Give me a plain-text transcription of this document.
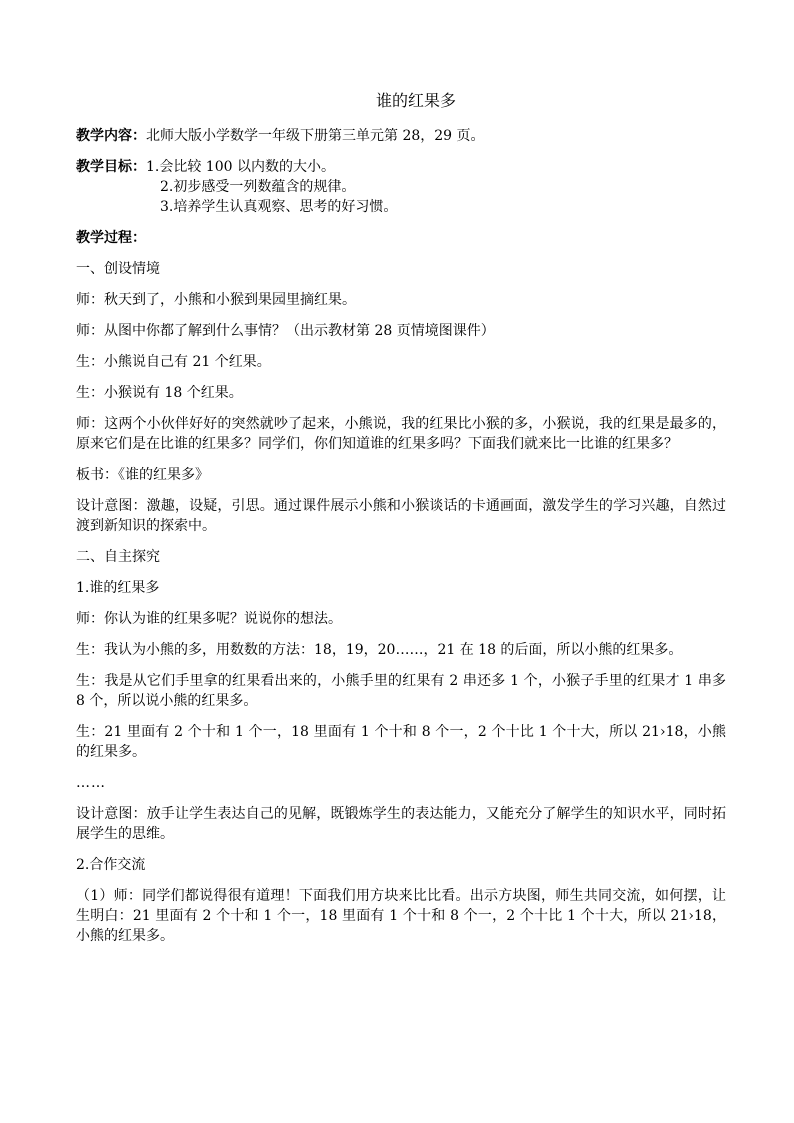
谁的红果多

教学内容：北师大版小学数学一年级下册第三单元第 28，29 页。

教学目标：1.会比较 100 以内数的大小。

2.初步感受一列数蕴含的规律。

3.培养学生认真观察、思考的好习惯。

教学过程：

一、创设情境

师：秋天到了，小熊和小猴到果园里摘红果。

师：从图中你都了解到什么事情？（出示教材第 28 页情境图课件）

生：小熊说自己有 21 个红果。

生：小猴说有 18 个红果。

师：这两个小伙伴好好的突然就吵了起来，小熊说，我的红果比小猴的多，小猴说，我的红果是最多的，原来它们是在比谁的红果多？同学们，你们知道谁的红果多吗？下面我们就来比一比谁的红果多？

板书：《谁的红果多》

设计意图：激趣，设疑，引思。通过课件展示小熊和小猴谈话的卡通画面，激发学生的学习兴趣，自然过渡到新知识的探索中。

二、自主探究

1.谁的红果多

师：你认为谁的红果多呢？说说你的想法。

生：我认为小熊的多，用数数的方法：18，19，20……，21 在 18 的后面，所以小熊的红果多。

生：我是从它们手里拿的红果看出来的，小熊手里的红果有 2 串还多 1 个，小猴子手里的红果才 1 串多 8 个，所以说小熊的红果多。

生：21 里面有 2 个十和 1 个一，18 里面有 1 个十和 8 个一，2 个十比 1 个十大，所以 21›18，小熊的红果多。

……

设计意图：放手让学生表达自己的见解，既锻炼学生的表达能力，又能充分了解学生的知识水平，同时拓展学生的思维。

2.合作交流

（1）师：同学们都说得很有道理！下面我们用方块来比比看。出示方块图，师生共同交流，如何摆，让生明白：21 里面有 2 个十和 1 个一，18 里面有 1 个十和 8 个一，2 个十比 1 个十大，所以 21›18，小熊的红果多。
